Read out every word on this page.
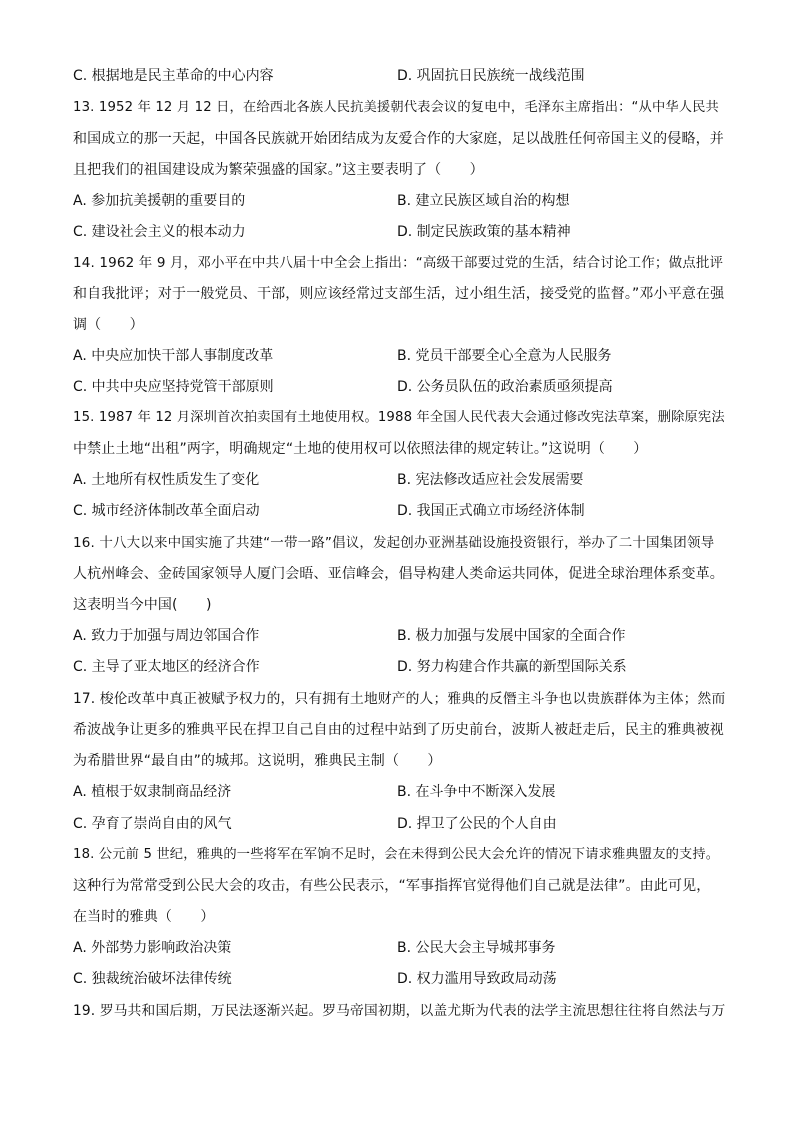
C. 根据地是民主革命的中心内容	D. 巩固抗日民族统一战线范围
13. 1952 年 12 月 12 日，在给西北各族人民抗美援朝代表会议的复电中，毛泽东主席指出：“从中华人民共
和国成立的那一天起，中国各民族就开始团结成为友爱合作的大家庭，足以战胜任何帝国主义的侵略，并
且把我们的祖国建设成为繁荣强盛的国家。”这主要表明了（　　）
A. 参加抗美援朝的重要目的	B. 建立民族区域自治的构想
C. 建设社会主义的根本动力	D. 制定民族政策的基本精神
14. 1962 年 9 月，邓小平在中共八届十中全会上指出：“高级干部要过党的生活，结合讨论工作；做点批评
和自我批评；对于一般党员、干部，则应该经常过支部生活，过小组生活，接受党的监督。”邓小平意在强
调（　　）
A. 中央应加快干部人事制度改革	B. 党员干部要全心全意为人民服务
C. 中共中央应坚持党管干部原则	D. 公务员队伍的政治素质亟须提高
15. 1987 年 12 月深圳首次拍卖国有土地使用权。1988 年全国人民代表大会通过修改宪法草案，删除原宪法
中禁止土地“出租”两字，明确规定“土地的使用权可以依照法律的规定转让。”这说明（　　）
A. 土地所有权性质发生了变化	B. 宪法修改适应社会发展需要
C. 城市经济体制改革全面启动	D. 我国正式确立市场经济体制
16. 十八大以来中国实施了共建“一带一路”倡议，发起创办亚洲基础设施投资银行，举办了二十国集团领导
人杭州峰会、金砖国家领导人厦门会晤、亚信峰会，倡导构建人类命运共同体，促进全球治理体系变革。
这表明当今中国(　　)
A. 致力于加强与周边邻国合作	B. 极力加强与发展中国家的全面合作
C. 主导了亚太地区的经济合作	D. 努力构建合作共赢的新型国际关系
17. 梭伦改革中真正被赋予权力的，只有拥有土地财产的人；雅典的反僭主斗争也以贵族群体为主体；然而
希波战争让更多的雅典平民在捍卫自己自由的过程中站到了历史前台，波斯人被赶走后，民主的雅典被视
为希腊世界“最自由”的城邦。这说明，雅典民主制（　　）
A. 植根于奴隶制商品经济	B. 在斗争中不断深入发展
C. 孕育了崇尚自由的风气	D. 捍卫了公民的个人自由
18. 公元前 5 世纪，雅典的一些将军在军饷不足时，会在未得到公民大会允许的情况下请求雅典盟友的支持。
这种行为常常受到公民大会的攻击，有些公民表示，“军事指挥官觉得他们自己就是法律”。由此可见，
在当时的雅典（　　）
A. 外部势力影响政治决策	B. 公民大会主导城邦事务
C. 独裁统治破坏法律传统	D. 权力滥用导致政局动荡
19. 罗马共和国后期，万民法逐渐兴起。罗马帝国初期，以盖尤斯为代表的法学主流思想往往将自然法与万
